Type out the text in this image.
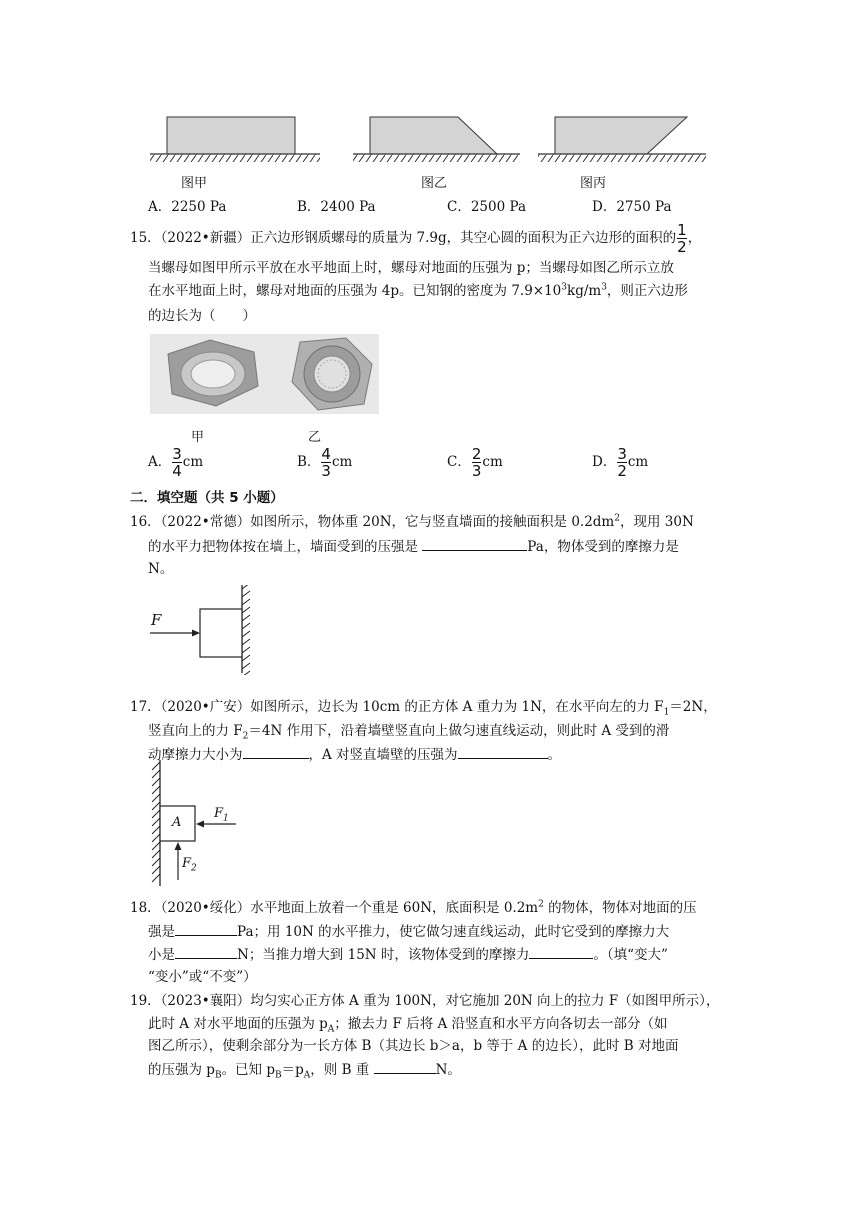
图甲	图乙	图丙
A．2250 Pa	B．2400 Pa	C．2500 Pa	D．2750 Pa
15．（2022•新疆）正六边形钢质螺母的质量为 7.9g，其空心圆的面积为正六边形的面积的 $\frac{1}{2}$ ，
当螺母如图甲所示平放在水平地面上时，螺母对地面的压强为 p；当螺母如图乙所示立放
在水平地面上时，螺母对地面的压强为 4p。已知钢的密度为 $7.9\times 10^3kg/m^3$，则正六边形
的边长为（　　）
甲	乙
A． $\frac{3}{4}$ cm	B． $\frac{4}{3}$ cm	C． $\frac{2}{3}$ cm	D． $\frac{3}{2}$ cm
二．填空题（共 5 小题）
16．（2022•常德）如图所示，物体重 20N，它与竖直墙面的接触面积是 $0.2dm^2$，现用 30N
的水平力把物体按在墙上，墙面受到的压强是	Pa，物体受到的摩擦力是
N。
F
17．（2020•广安）如图所示，边长为 10cm 的正方体 A 重力为 1N，在水平向左的力 $F_1=2N$，
竖直向上的力 $F_2=4N$ 作用下，沿着墙壁竖直向上做匀速直线运动，则此时 A 受到的滑
动摩擦力大小为	，A 对竖直墙壁的压强为	。
A
$F_1$
$F_2$
18．（2020•绥化）水平地面上放着一个重是 60N，底面积是 $0.2m^2$ 的物体，物体对地面的压
强是	Pa；用 10N 的水平推力，使它做匀速直线运动，此时它受到的摩擦力大
小是	N；当推力增大到 15N 时，该物体受到的摩擦力	。（填“变大”
“变小”或“不变”）
19．（2023•襄阳）均匀实心正方体 A 重为 100N，对它施加 20N 向上的拉力 F（如图甲所示），
此时 A 对水平地面的压强为 $p_A$；撤去力 F 后将 A 沿竖直和水平方向各切去一部分（如
图乙所示），使剩余部分为一长方体 B（其边长 b＞a，b 等于 A 的边长），此时 B 对地面
的压强为 $p_B$。已知 $p_B=p_A$，则 B 重	N。
